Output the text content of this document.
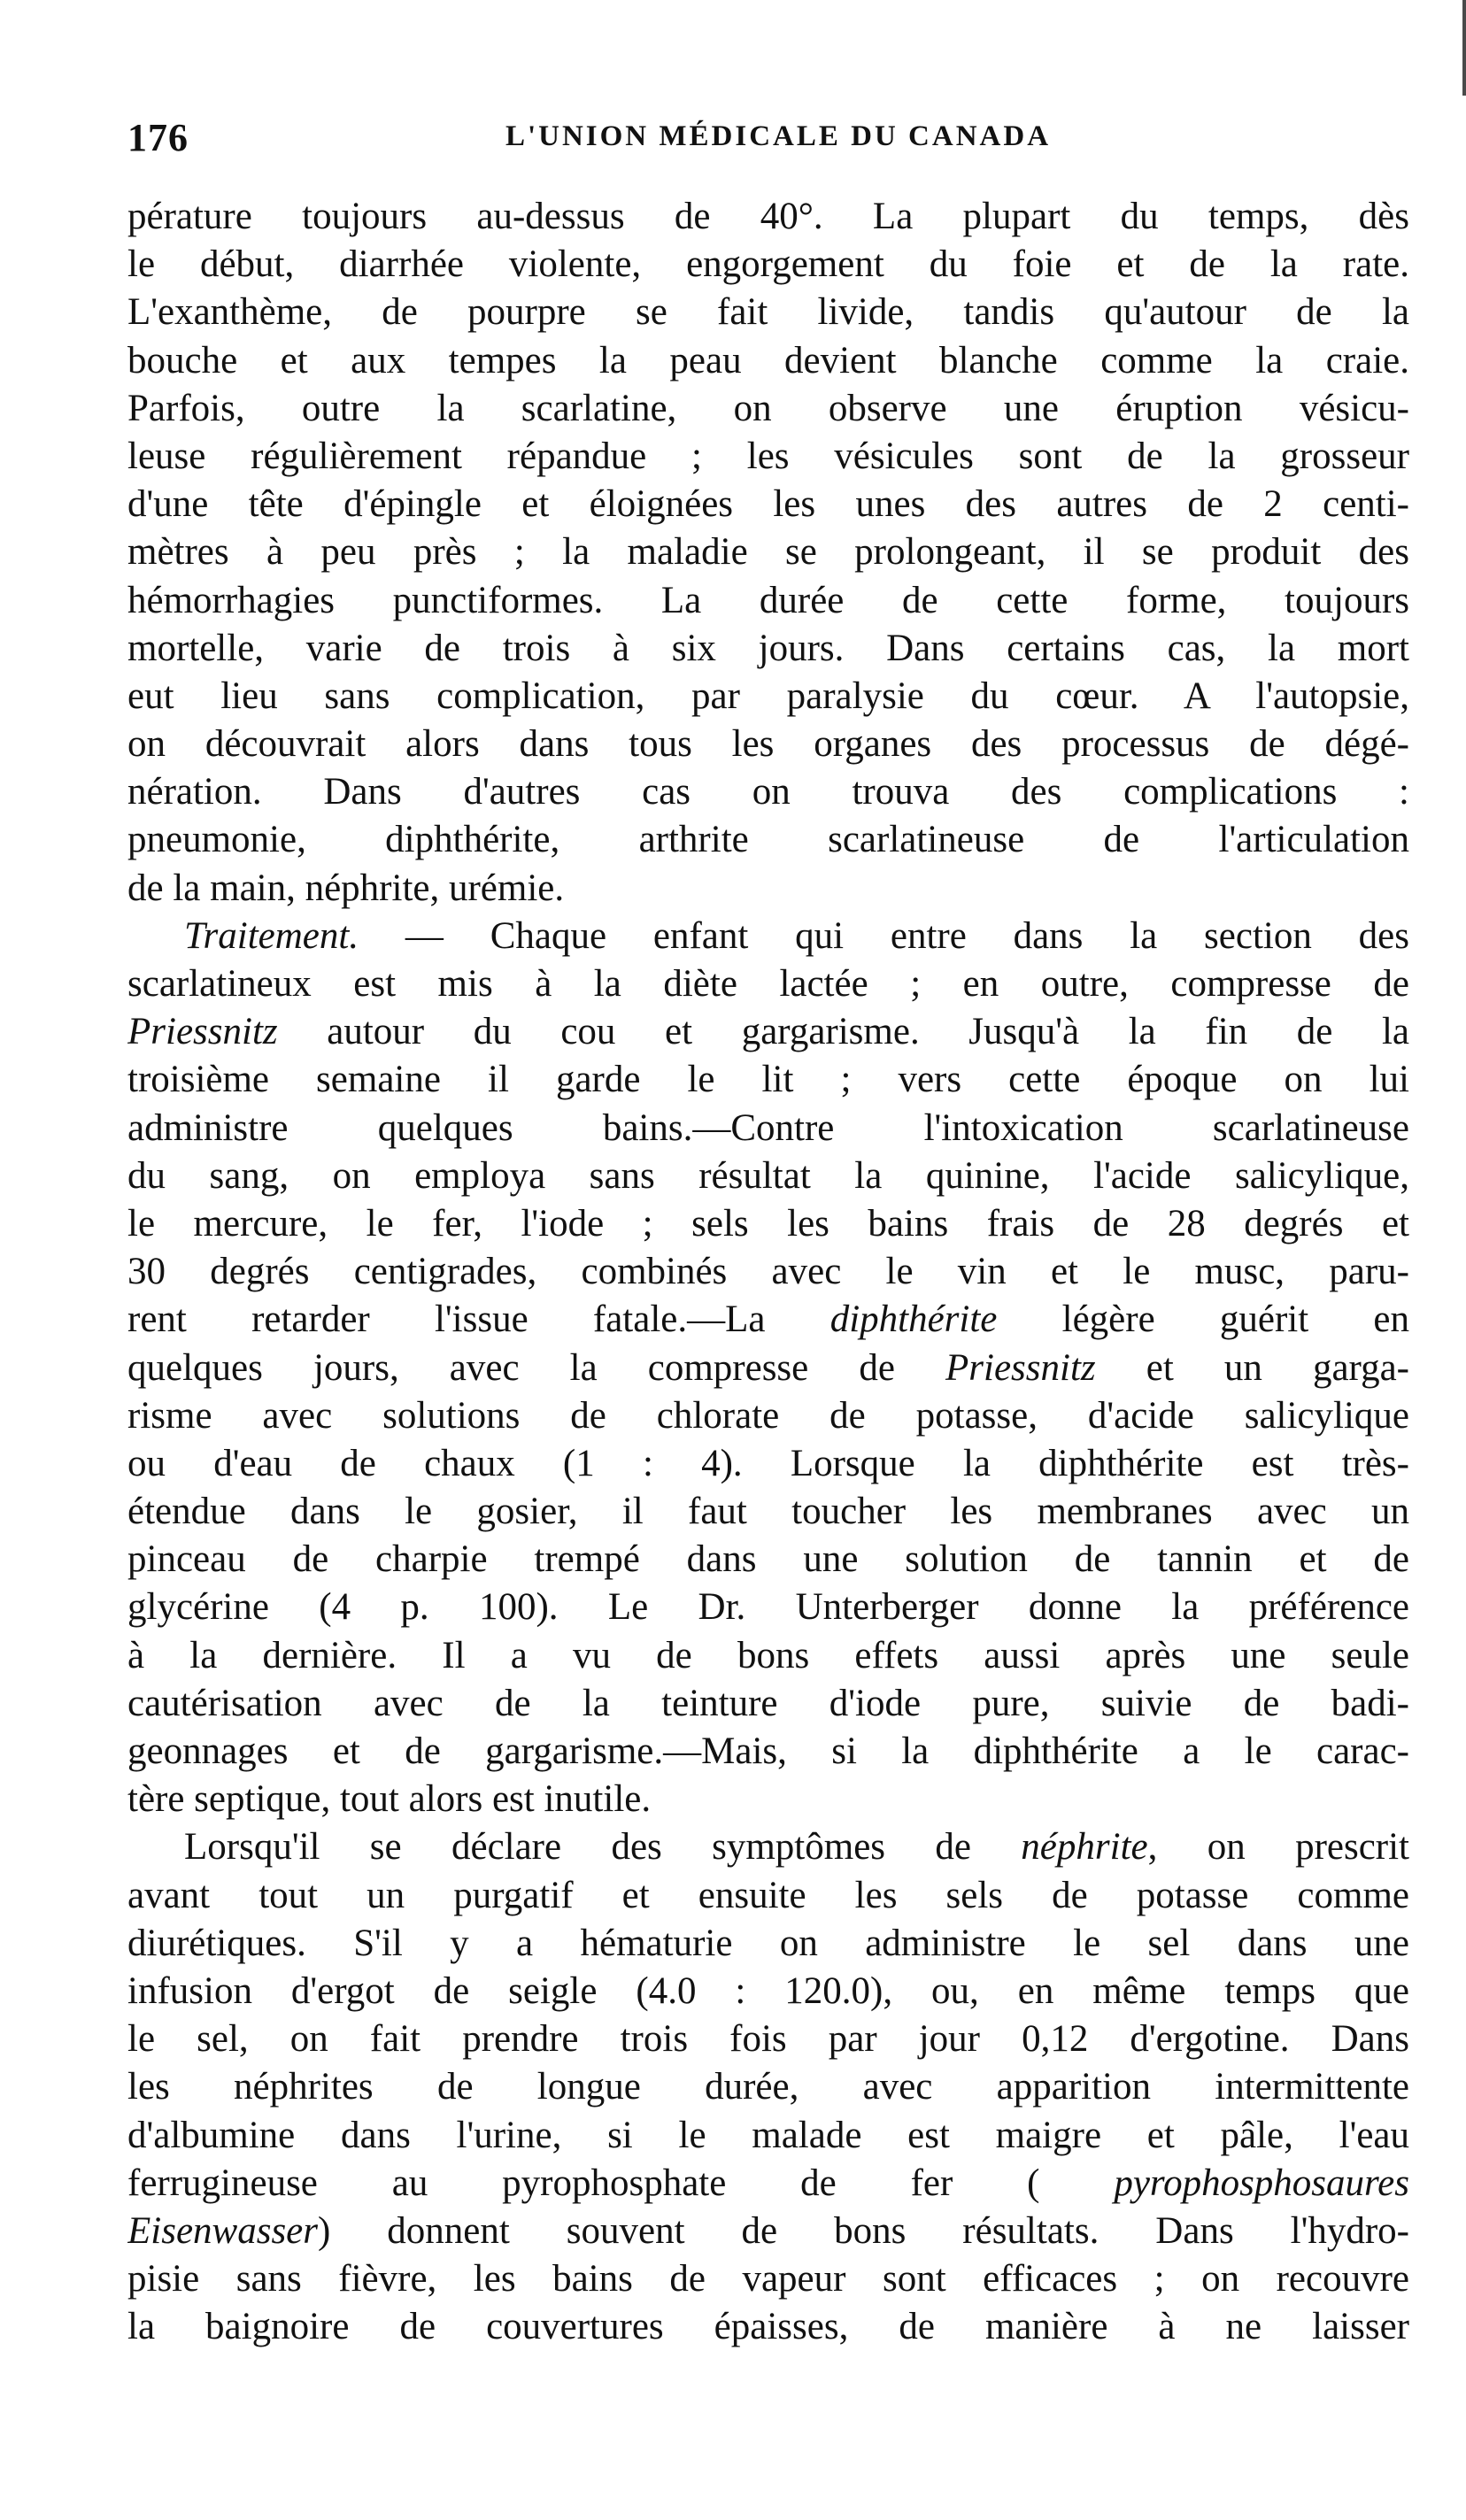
176	L'UNION MÉDICALE DU CANADA
pérature toujours au-dessus de 40°. La plupart du temps, dès
le début, diarrhée violente, engorgement du foie et de la rate.
L'exanthème, de pourpre se fait livide, tandis qu'autour de la
bouche et aux tempes la peau devient blanche comme la craie.
Parfois, outre la scarlatine, on observe une éruption vésicu-
leuse régulièrement répandue ; les vésicules sont de la grosseur
d'une tête d'épingle et éloignées les unes des autres de 2 centi-
mètres à peu près ; la maladie se prolongeant, il se produit des
hémorrhagies punctiformes. La durée de cette forme, toujours
mortelle, varie de trois à six jours. Dans certains cas, la mort
eut lieu sans complication, par paralysie du cœur. A l'autopsie,
on découvrait alors dans tous les organes des processus de dégé-
nération. Dans d'autres cas on trouva des complications :
pneumonie, diphthérite, arthrite scarlatineuse de l'articulation
de la main, néphrite, urémie.
Traitement. — Chaque enfant qui entre dans la section des
scarlatineux est mis à la diète lactée ; en outre, compresse de
Priessnitz autour du cou et gargarisme. Jusqu'à la fin de la
troisième semaine il garde le lit ; vers cette époque on lui
administre quelques bains.—Contre l'intoxication scarlatineuse
du sang, on employa sans résultat la quinine, l'acide salicylique,
le mercure, le fer, l'iode ; sels les bains frais de 28 degrés et
30 degrés centigrades, combinés avec le vin et le musc, paru-
rent retarder l'issue fatale.—La diphthérite légère guérit en
quelques jours, avec la compresse de Priessnitz et un garga-
risme avec solutions de chlorate de potasse, d'acide salicylique
ou d'eau de chaux (1 : 4). Lorsque la diphthérite est très-
étendue dans le gosier, il faut toucher les membranes avec un
pinceau de charpie trempé dans une solution de tannin et de
glycérine (4 p. 100). Le Dr. Unterberger donne la préférence
à la dernière. Il a vu de bons effets aussi après une seule
cautérisation avec de la teinture d'iode pure, suivie de badi-
geonnages et de gargarisme.—Mais, si la diphthérite a le carac-
tère septique, tout alors est inutile.
Lorsqu'il se déclare des symptômes de néphrite, on prescrit
avant tout un purgatif et ensuite les sels de potasse comme
diurétiques. S'il y a hématurie on administre le sel dans une
infusion d'ergot de seigle (4.0 : 120.0), ou, en même temps que
le sel, on fait prendre trois fois par jour 0,12 d'ergotine. Dans
les néphrites de longue durée, avec apparition intermittente
d'albumine dans l'urine, si le malade est maigre et pâle, l'eau
ferrugineuse au pyrophosphate de fer ( pyrophosphosaures
Eisenwasser) donnent souvent de bons résultats. Dans l'hydro-
pisie sans fièvre, les bains de vapeur sont efficaces ; on recouvre
la baignoire de couvertures épaisses, de manière à ne laisser
